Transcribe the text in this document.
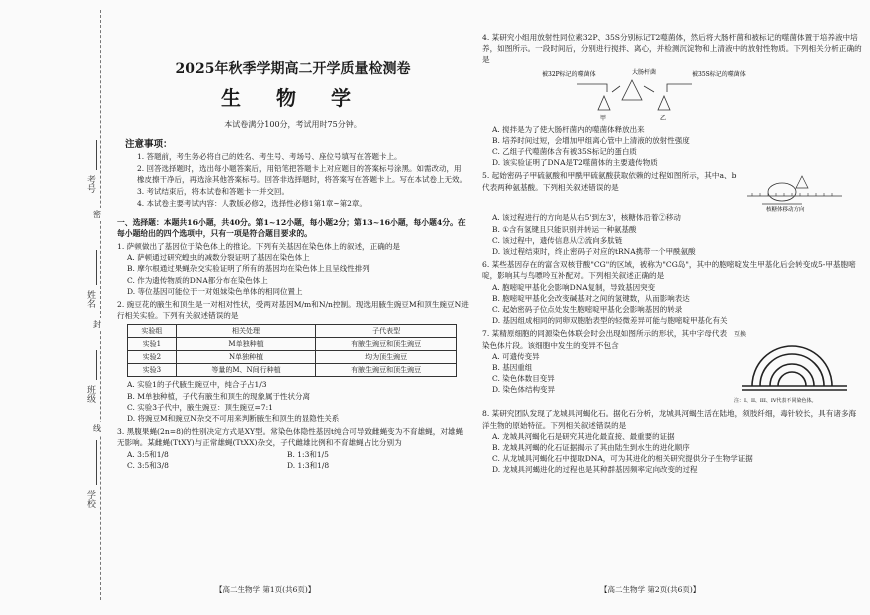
考号
姓名
班级
学校
密
封
线
2025年秋季学期高二开学质量检测卷
生 物 学
本试卷满分100分，考试用时75分钟。
注意事项：

1. 答题前，考生务必将自己的姓名、考生号、考场号、座位号填写在答题卡上。

2. 回答选择题时，选出每小题答案后，用铅笔把答题卡上对应题目的答案标号涂黑。如需改动，用橡皮擦干净后，再选涂其他答案标号。回答非选择题时，将答案写在答题卡上。写在本试卷上无效。

3. 考试结束后，将本试卷和答题卡一并交回。

4. 本试卷主要考试内容：人教版必修2，选择性必修1第1章~第2章。

一、选择题：本题共16小题，共40分。第1~12小题，每小题2分；第13~16小题，每小题4分。在每小题给出的四个选项中，只有一项是符合题目要求的。
1. 萨顿做出了基因位于染色体上的推论。下列有关基因在染色体上的叙述，正确的是
A. 萨顿通过研究蝗虫的减数分裂证明了基因在染色体上
B. 摩尔根通过果蝇杂交实验证明了所有的基因均在染色体上且呈线性排列
C. 作为遗传物质的DNA都分布在染色体上
D. 等位基因可能位于一对姐妹染色单体的相同位置上
2. 豌豆花的腋生和顶生是一对相对性状，受两对基因M/m和N/n控制。现选用腋生豌豆M和顶生豌豆N进行相关实验。下列有关叙述错误的是
实验组	相关处理	子代表型
实验1	M单独种植	有腋生豌豆和顶生豌豆
实验2	N单独种植	均为顶生豌豆
实验3	等量的M、N间行种植	有腋生豌豆和顶生豌豆
A. 实验1的子代腋生豌豆中，纯合子占1/3
B. M单独种植，子代有腋生和顶生的现象属于性状分离
C. 实验3子代中，腋生豌豆：顶生豌豆=7:1
D. 将豌豆M和豌豆N杂交不可用来判断腋生和顶生的显隐性关系
3. 黑腹果蝇(2n=8)的性别决定方式是XY型。常染色体隐性基因t纯合可导致雌蝇变为不育雄蝇，对雄蝇无影响。某雌蝇(TtXY)与正常雄蝇(TtXX)杂交，子代雌雄比例和不育雄蝇占比分别为
A. 3:5和1/8	B. 1:3和1/5
C. 3:5和3/8	D. 1:3和1/8
4. 某研究小组用放射性同位素32P、35S分别标记T2噬菌体，然后将大肠杆菌和被标记的噬菌体置于培养液中培养，如图所示。一段时间后，分别进行搅拌、离心，并检测沉淀物和上清液中的放射性物质。下列相关分析正确的是
被32P标记的噬菌体
甲
大肠杆菌
乙
被35S标记的噬菌体
A. 搅拌是为了使大肠杆菌内的噬菌体释放出来
B. 培养时间过短，会增加甲组离心管中上清液的放射性强度
C. 乙组子代噬菌体含有被35S标记的蛋白质
D. 该实验证明了DNA是T2噬菌体的主要遗传物质
5. 起始密码子甲硫氨酸和甲酰甲硫氨酸获取依赖的过程如图所示，其中a、b代表两种氨基酸。下列相关叙述错误的是
核糖体移动方向
A. 该过程进行的方向是从右5'到左3'，核糖体沿着②移动
B. ①含有氢键且只能识别并转运一种氨基酸
C. 该过程中，遗传信息从②流向多肽链
D. 该过程结束时，终止密码子对应的tRNA携带一个甲酰氨酸
6. 某些基因存在的富含双核苷酸"CG"的区域，被称为"CG岛"，其中的胞嘧啶发生甲基化后会转变成5-甲基胞嘧啶，影响其与鸟嘌呤互补配对。下列相关叙述正确的是
A. 胞嘧啶甲基化会影响DNA复制，导致基因突变
B. 胞嘧啶甲基化会改变碱基对之间的氢键数，从而影响表达
C. 起始密码子位点处发生胞嘧啶甲基化会影响基因的转录
D. 基因组成相同的同卵双胞胎表型的轻微差异可能与胞嘧啶甲基化有关
7. 某精原细胞的同源染色体联会时会出现如图所示的形状，其中字母代表染色体片段。该细胞中发生的变异不包含
A. 可遗传变异
B. 基因重组
C. 染色体数目变异
D. 染色体结构变异
互换
注：I、II、III、IV代表不同染色体。
8. 某研究团队发现了龙城具河蝎化石。据化石分析，龙城具河蝎生活在陆地，须肢纤细，毒针较长，具有诸多海洋生物的原始特征。下列相关叙述错误的是
A. 龙城具河蝎化石是研究其进化最直接、最重要的证据
B. 龙城具河蝎的化石证据揭示了其由陆生到水生的进化顺序
C. 从龙城具河蝎化石中提取DNA，可为其进化的相关研究提供分子生物学证据
D. 龙城具河蝎进化的过程也是其种群基因频率定向改变的过程
【高二生物学 第1页(共6页)】	【高二生物学 第2页(共6页)】
